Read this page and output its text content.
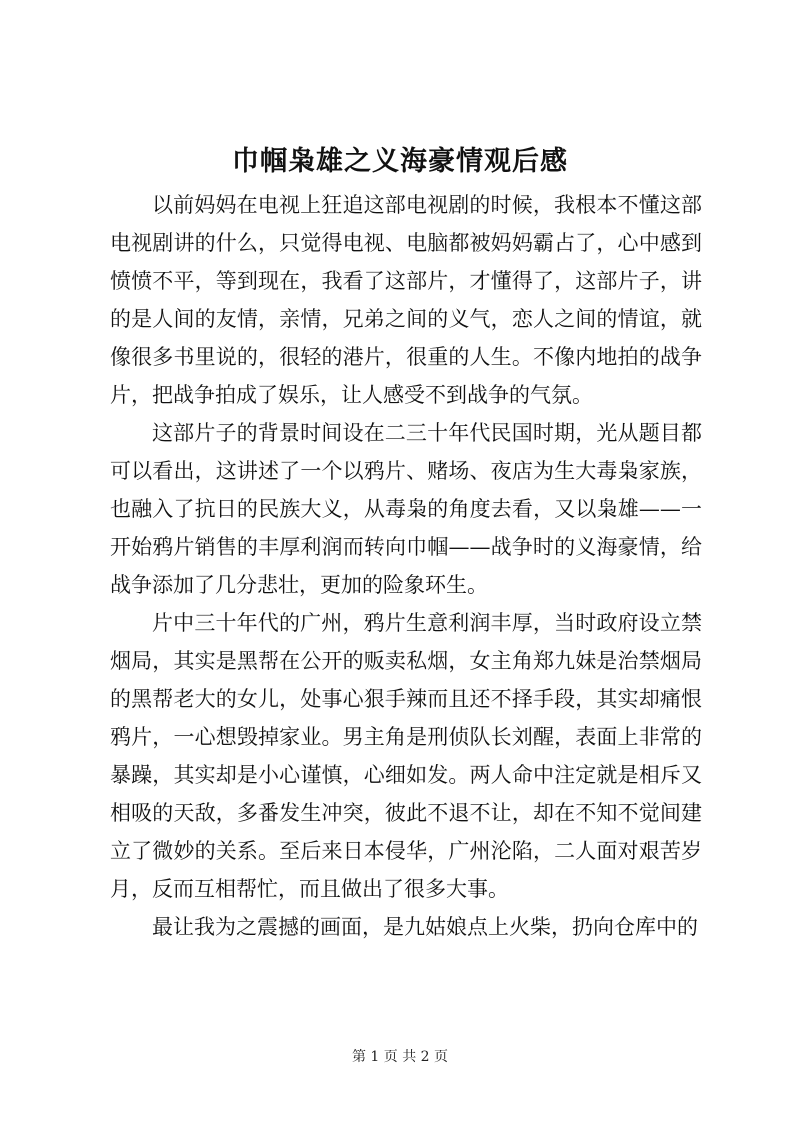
巾帼枭雄之义海豪情观后感

以前妈妈在电视上狂追这部电视剧的时候，我根本不懂这部电视剧讲的什么，只觉得电视、电脑都被妈妈霸占了，心中感到愤愤不平，等到现在，我看了这部片，才懂得了，这部片子，讲的是人间的友情，亲情，兄弟之间的义气，恋人之间的情谊，就像很多书里说的，很轻的港片，很重的人生。不像内地拍的战争片，把战争拍成了娱乐，让人感受不到战争的气氛。

这部片子的背景时间设在二三十年代民国时期，光从题目都可以看出，这讲述了一个以鸦片、赌场、夜店为生大毒枭家族，也融入了抗日的民族大义，从毒枭的角度去看，又以枭雄——一开始鸦片销售的丰厚利润而转向巾帼——战争时的义海豪情，给战争添加了几分悲壮，更加的险象环生。

片中三十年代的广州，鸦片生意利润丰厚，当时政府设立禁烟局，其实是黑帮在公开的贩卖私烟，女主角郑九妹是治禁烟局的黑帮老大的女儿，处事心狠手辣而且还不择手段，其实却痛恨鸦片，一心想毁掉家业。男主角是刑侦队长刘醒，表面上非常的暴躁，其实却是小心谨慎，心细如发。两人命中注定就是相斥又相吸的天敌，多番发生冲突，彼此不退不让，却在不知不觉间建立了微妙的关系。至后来日本侵华，广州沦陷，二人面对艰苦岁月，反而互相帮忙，而且做出了很多大事。

最让我为之震撼的画面，是九姑娘点上火柴，扔向仓库中的

第 1 页 共 2 页
